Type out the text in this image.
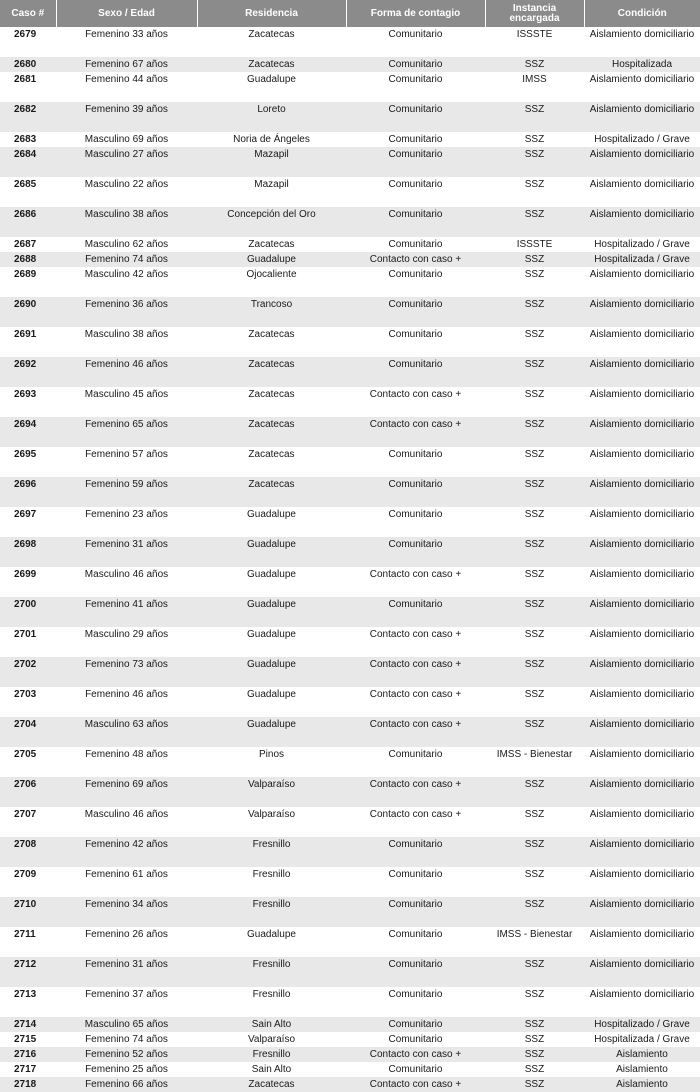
Caso #	Sexo / Edad	Residencia	Forma de contagio	Instancia encargada	Condición
2679	Femenino 33 años	Zacatecas	Comunitario	ISSSTE	Aislamiento domiciliario
2680	Femenino 67 años	Zacatecas	Comunitario	SSZ	Hospitalizada
2681	Femenino 44 años	Guadalupe	Comunitario	IMSS	Aislamiento domiciliario
2682	Femenino 39 años	Loreto	Comunitario	SSZ	Aislamiento domiciliario
2683	Masculino 69 años	Noria de Ángeles	Comunitario	SSZ	Hospitalizado / Grave
2684	Masculino 27 años	Mazapil	Comunitario	SSZ	Aislamiento domiciliario
2685	Masculino 22 años	Mazapil	Comunitario	SSZ	Aislamiento domiciliario
2686	Masculino 38 años	Concepción del Oro	Comunitario	SSZ	Aislamiento domiciliario
2687	Masculino 62 años	Zacatecas	Comunitario	ISSSTE	Hospitalizado / Grave
2688	Femenino 74 años	Guadalupe	Contacto con caso +	SSZ	Hospitalizada / Grave
2689	Masculino 42 años	Ojocaliente	Comunitario	SSZ	Aislamiento domiciliario
2690	Femenino 36 años	Trancoso	Comunitario	SSZ	Aislamiento domiciliario
2691	Masculino 38 años	Zacatecas	Comunitario	SSZ	Aislamiento domiciliario
2692	Femenino 46 años	Zacatecas	Comunitario	SSZ	Aislamiento domiciliario
2693	Masculino 45 años	Zacatecas	Contacto con caso +	SSZ	Aislamiento domiciliario
2694	Femenino 65 años	Zacatecas	Contacto con caso +	SSZ	Aislamiento domiciliario
2695	Femenino 57 años	Zacatecas	Comunitario	SSZ	Aislamiento domiciliario
2696	Femenino 59 años	Zacatecas	Comunitario	SSZ	Aislamiento domiciliario
2697	Femenino 23 años	Guadalupe	Comunitario	SSZ	Aislamiento domiciliario
2698	Femenino 31 años	Guadalupe	Comunitario	SSZ	Aislamiento domiciliario
2699	Masculino 46 años	Guadalupe	Contacto con caso +	SSZ	Aislamiento domiciliario
2700	Femenino 41 años	Guadalupe	Comunitario	SSZ	Aislamiento domiciliario
2701	Masculino 29 años	Guadalupe	Contacto con caso +	SSZ	Aislamiento domiciliario
2702	Femenino 73 años	Guadalupe	Contacto con caso +	SSZ	Aislamiento domiciliario
2703	Femenino 46 años	Guadalupe	Contacto con caso +	SSZ	Aislamiento domiciliario
2704	Masculino 63 años	Guadalupe	Contacto con caso +	SSZ	Aislamiento domiciliario
2705	Femenino 48 años	Pinos	Comunitario	IMSS - Bienestar	Aislamiento domiciliario
2706	Femenino 69 años	Valparaíso	Contacto con caso +	SSZ	Aislamiento domiciliario
2707	Masculino 46 años	Valparaíso	Contacto con caso +	SSZ	Aislamiento domiciliario
2708	Femenino 42 años	Fresnillo	Comunitario	SSZ	Aislamiento domiciliario
2709	Femenino 61 años	Fresnillo	Comunitario	SSZ	Aislamiento domiciliario
2710	Femenino 34 años	Fresnillo	Comunitario	SSZ	Aislamiento domiciliario
2711	Femenino 26 años	Guadalupe	Comunitario	IMSS - Bienestar	Aislamiento domiciliario
2712	Femenino 31 años	Fresnillo	Comunitario	SSZ	Aislamiento domiciliario
2713	Femenino 37 años	Fresnillo	Comunitario	SSZ	Aislamiento domiciliario
2714	Masculino 65 años	Sain Alto	Comunitario	SSZ	Hospitalizado / Grave
2715	Femenino 74 años	Valparaíso	Comunitario	SSZ	Hospitalizada / Grave
2716	Femenino 52 años	Fresnillo	Contacto con caso +	SSZ	Aislamiento
2717	Femenino 25 años	Sain Alto	Comunitario	SSZ	Aislamiento
2718	Femenino 66 años	Zacatecas	Contacto con caso +	SSZ	Aislamiento
